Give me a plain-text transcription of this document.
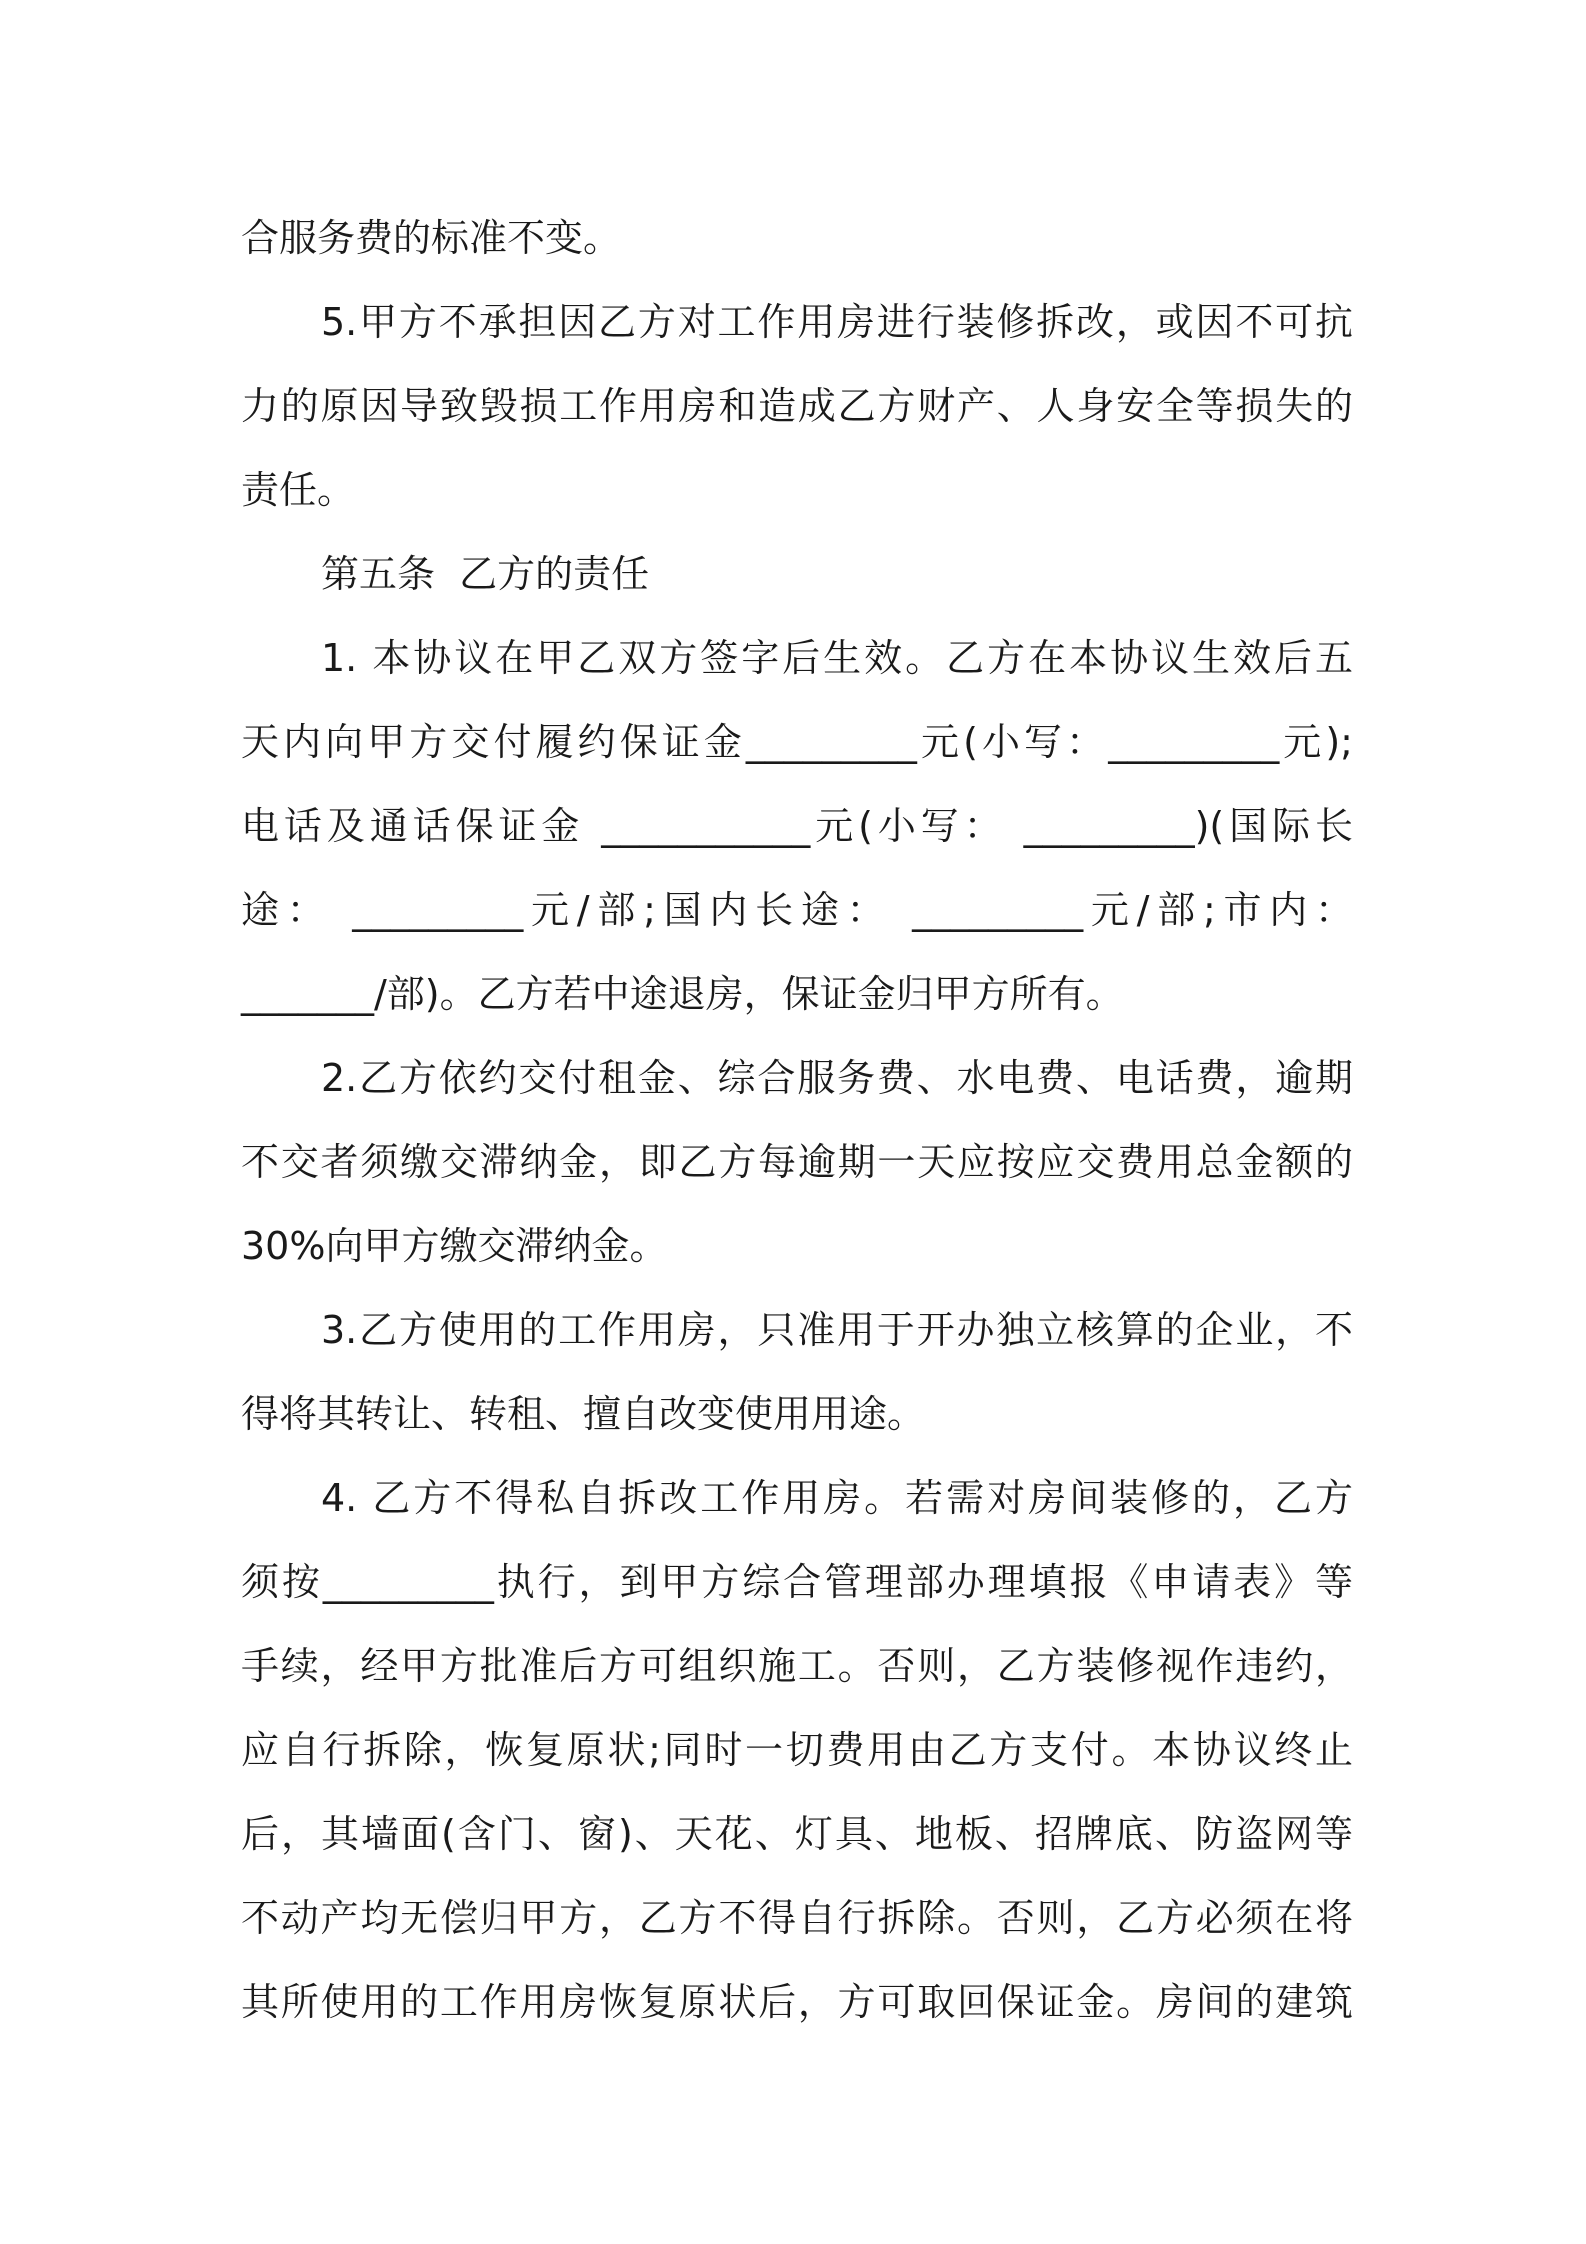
合服务费的标准不变。
5.甲方不承担因乙方对工作用房进行装修拆改，或因不可抗
力的原因导致毁损工作用房和造成乙方财产、人身安全等损失的
责任。
第五条  乙方的责任
1. 本协议在甲乙双方签字后生效。乙方在本协议生效后五
天内向甲方交付履约保证金_________元(小写：_________元);
电话及通话保证金 ___________元(小写： _________)(国际长
途： _________元/部;国内长途： _________元/部;市内：
_______/部)。乙方若中途退房，保证金归甲方所有。
2.乙方依约交付租金、综合服务费、水电费、电话费，逾期
不交者须缴交滞纳金，即乙方每逾期一天应按应交费用总金额的
30%向甲方缴交滞纳金。
3.乙方使用的工作用房，只准用于开办独立核算的企业，不
得将其转让、转租、擅自改变使用用途。
4. 乙方不得私自拆改工作用房。若需对房间装修的，乙方
须按_________执行，到甲方综合管理部办理填报《申请表》等
手续，经甲方批准后方可组织施工。否则，乙方装修视作违约，
应自行拆除，恢复原状;同时一切费用由乙方支付。本协议终止
后，其墙面(含门、窗)、天花、灯具、地板、招牌底、防盗网等
不动产均无偿归甲方，乙方不得自行拆除。否则，乙方必须在将
其所使用的工作用房恢复原状后，方可取回保证金。房间的建筑
